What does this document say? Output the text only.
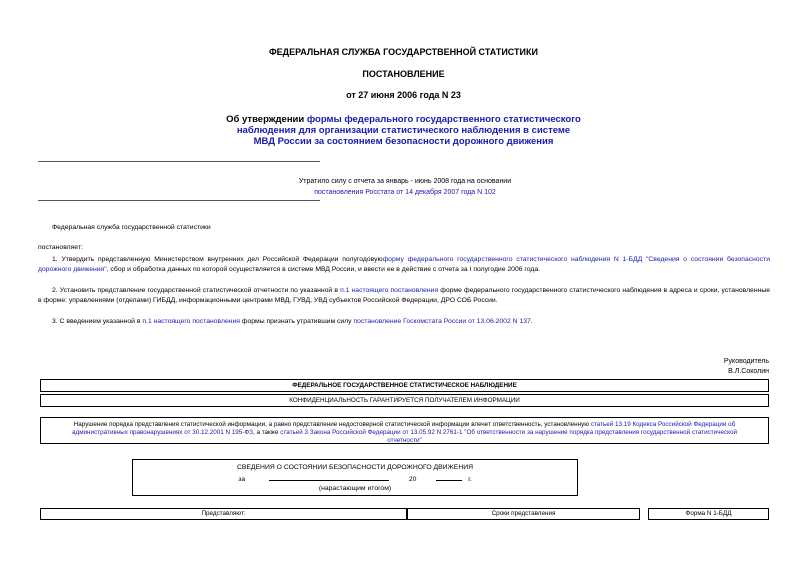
ФЕДЕРАЛЬНАЯ СЛУЖБА ГОСУДАРСТВЕННОЙ СТАТИСТИКИ
ПОСТАНОВЛЕНИЕ
от 27 июня 2006 года N 23
Об утверждении формы федерального государственного статистического
наблюдения для организации статистического наблюдения в системе
МВД России за состоянием безопасности дорожного движения
Утратило силу с отчета за январь - июнь 2008 года на основании
постановления Росстата от 14 декабря 2007 года N 102
Федеральная служба государственной статистики
постановляет:
1. Утвердить представленную Министерством внутренних дел Российской Федерации полугодовуюформу федерального государственного статистического наблюдения N 1-БДД "Сведения о состоянии безопасности дорожного движения", сбор и обработка данных по которой осуществляется в системе МВД России, и ввести ее в действие с отчета за I полугодие 2006 года.
2. Установить представление государственной статистической отчетности по указанной в п.1 настоящего постановления форме федерального государственного статистического наблюдения в адреса и сроки, установленные в форме: управлениями (отделами) ГИБДД, информационными центрами МВД, ГУВД, УВД субъектов Российской Федерации, ДРО СОБ России.
3. С введением указанной в п.1 настоящего постановления формы признать утратившим силу постановление Госкомстата России от 13.06.2002 N 137.
Руководитель
В.Л.Соколин
ФЕДЕРАЛЬНОЕ ГОСУДАРСТВЕННОЕ СТАТИСТИЧЕСКОЕ НАБЛЮДЕНИЕ
КОНФИДЕНЦИАЛЬНОСТЬ ГАРАНТИРУЕТСЯ ПОЛУЧАТЕЛЕМ ИНФОРМАЦИИ
Нарушение порядка представления статистической информации, а равно представление недостоверной статистической информации влечет ответственность, установленную статьей 13.19 Кодекса Российской Федерации об административных правонарушениях от 30.12.2001 N 195-ФЗ, а также статьей 3 Закона Российской Федерации от 13.05.92 N 2761-1 "Об ответственности за нарушение порядка представления государственной статистической отчетности"
СВЕДЕНИЯ О СОСТОЯНИИ БЕЗОПАСНОСТИ ДОРОЖНОГО ДВИЖЕНИЯ
за	20	г.
(нарастающим итогом)
Представляют:	Сроки представления	Форма N 1-БДД
